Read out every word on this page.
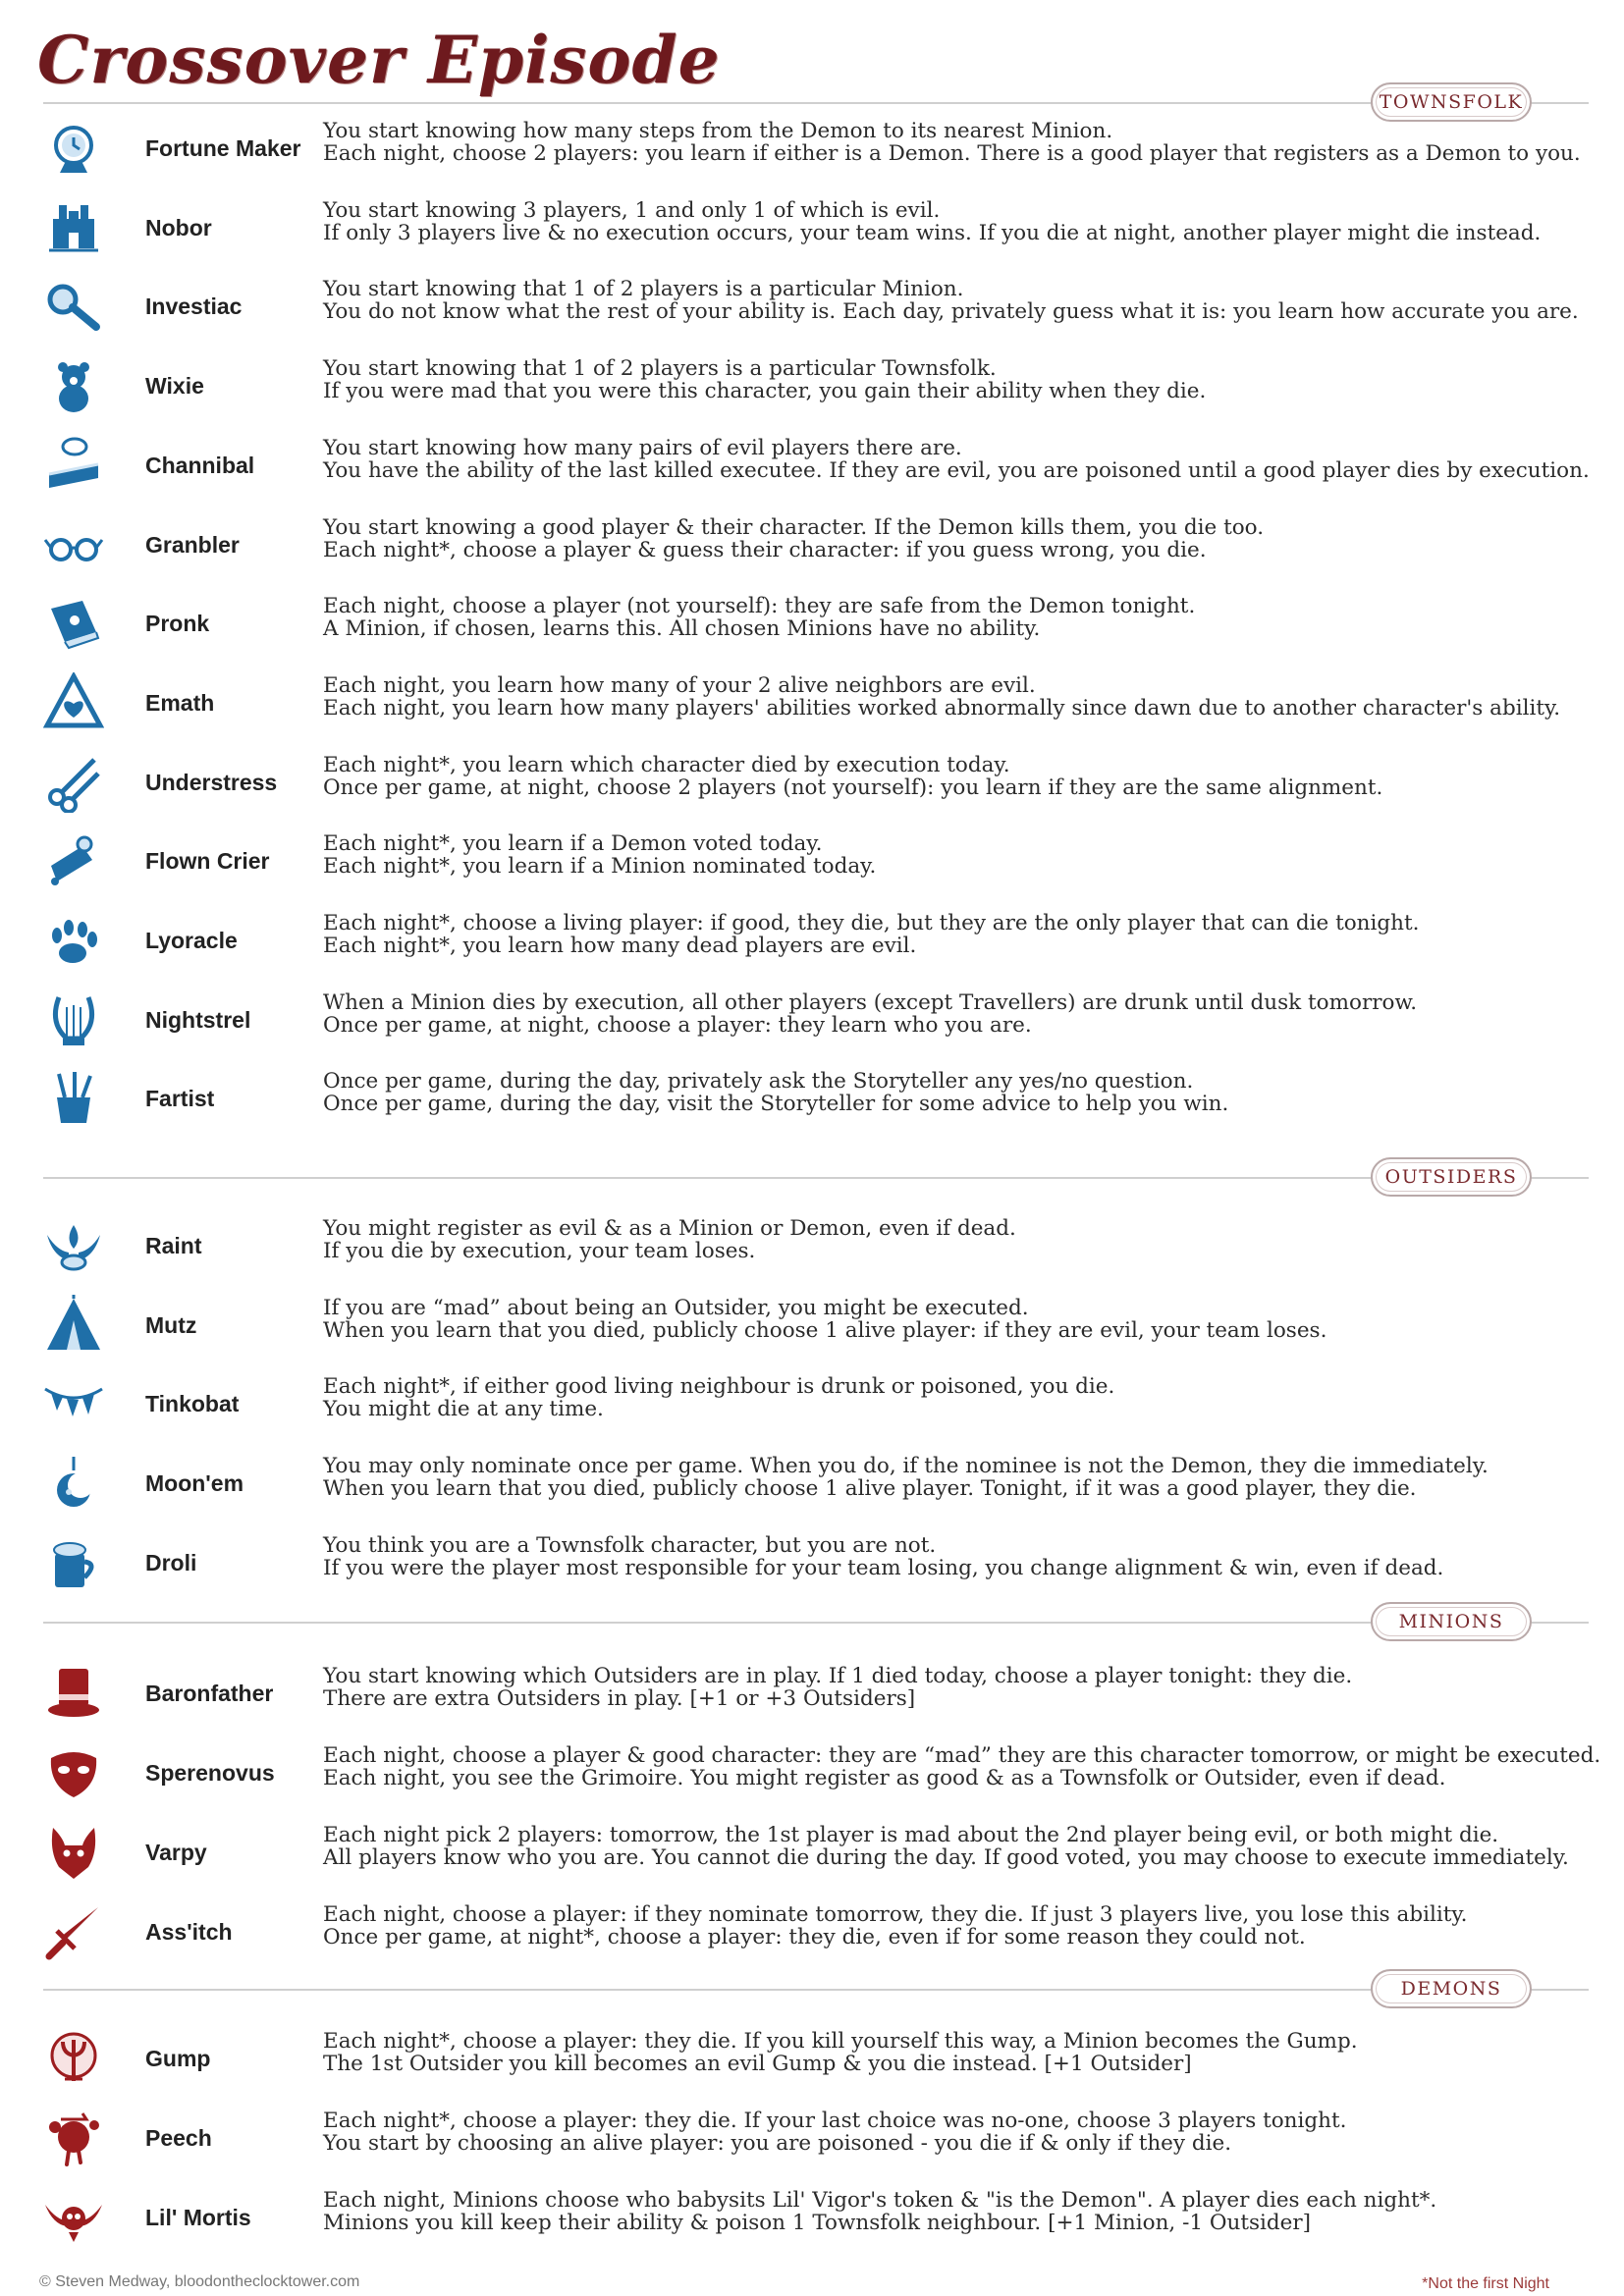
Crossover Episode
TOWNSFOLK
Fortune Maker
You start knowing how many steps from the Demon to its nearest Minion.
Each night, choose 2 players: you learn if either is a Demon. There is a good player that registers as a Demon to you.
Nobor
You start knowing 3 players, 1 and only 1 of which is evil.
If only 3 players live & no execution occurs, your team wins. If you die at night, another player might die instead.
Investiac
You start knowing that 1 of 2 players is a particular Minion.
You do not know what the rest of your ability is. Each day, privately guess what it is: you learn how accurate you are.
Wixie
You start knowing that 1 of 2 players is a particular Townsfolk.
If you were mad that you were this character, you gain their ability when they die.
Channibal
You start knowing how many pairs of evil players there are.
You have the ability of the last killed executee. If they are evil, you are poisoned until a good player dies by execution.
Granbler
You start knowing a good player & their character. If the Demon kills them, you die too.
Each night*, choose a player & guess their character: if you guess wrong, you die.
Pronk
Each night, choose a player (not yourself): they are safe from the Demon tonight.
A Minion, if chosen, learns this. All chosen Minions have no ability.
Emath
Each night, you learn how many of your 2 alive neighbors are evil.
Each night, you learn how many players' abilities worked abnormally since dawn due to another character's ability.
Understress
Each night*, you learn which character died by execution today.
Once per game, at night, choose 2 players (not yourself): you learn if they are the same alignment.
Flown Crier
Each night*, you learn if a Demon voted today.
Each night*, you learn if a Minion nominated today.
Lyoracle
Each night*, choose a living player: if good, they die, but they are the only player that can die tonight.
Each night*, you learn how many dead players are evil.
Nightstrel
When a Minion dies by execution, all other players (except Travellers) are drunk until dusk tomorrow.
Once per game, at night, choose a player: they learn who you are.
Fartist
Once per game, during the day, privately ask the Storyteller any yes/no question.
Once per game, during the day, visit the Storyteller for some advice to help you win.
OUTSIDERS
Raint
You might register as evil & as a Minion or Demon, even if dead.
If you die by execution, your team loses.
Mutz
If you are “mad” about being an Outsider, you might be executed.
When you learn that you died, publicly choose 1 alive player: if they are evil, your team loses.
Tinkobat
Each night*, if either good living neighbour is drunk or poisoned, you die.
You might die at any time.
Moon'em
You may only nominate once per game. When you do, if the nominee is not the Demon, they die immediately.
When you learn that you died, publicly choose 1 alive player. Tonight, if it was a good player, they die.
Droli
You think you are a Townsfolk character, but you are not.
If you were the player most responsible for your team losing, you change alignment & win, even if dead.
MINIONS
Baronfather
You start knowing which Outsiders are in play. If 1 died today, choose a player tonight: they die.
There are extra Outsiders in play. [+1 or +3 Outsiders]
Sperenovus
Each night, choose a player & good character: they are “mad” they are this character tomorrow, or might be executed.
Each night, you see the Grimoire. You might register as good & as a Townsfolk or Outsider, even if dead.
Varpy
Each night pick 2 players: tomorrow, the 1st player is mad about the 2nd player being evil, or both might die.
All players know who you are. You cannot die during the day. If good voted, you may choose to execute immediately.
Ass'itch
Each night, choose a player: if they nominate tomorrow, they die. If just 3 players live, you lose this ability.
Once per game, at night*, choose a player: they die, even if for some reason they could not.
DEMONS
Gump
Each night*, choose a player: they die. If you kill yourself this way, a Minion becomes the Gump.
The 1st Outsider you kill becomes an evil Gump & you die instead. [+1 Outsider]
Peech
Each night*, choose a player: they die. If your last choice was no-one, choose 3 players tonight.
You start by choosing an alive player: you are poisoned - you die if & only if they die.
Lil' Mortis
Each night, Minions choose who babysits Lil' Vigor's token & "is the Demon". A player dies each night*.
Minions you kill keep their ability & poison 1 Townsfolk neighbour. [+1 Minion, -1 Outsider]
© Steven Medway, bloodontheclocktower.com	*Not the first Night
